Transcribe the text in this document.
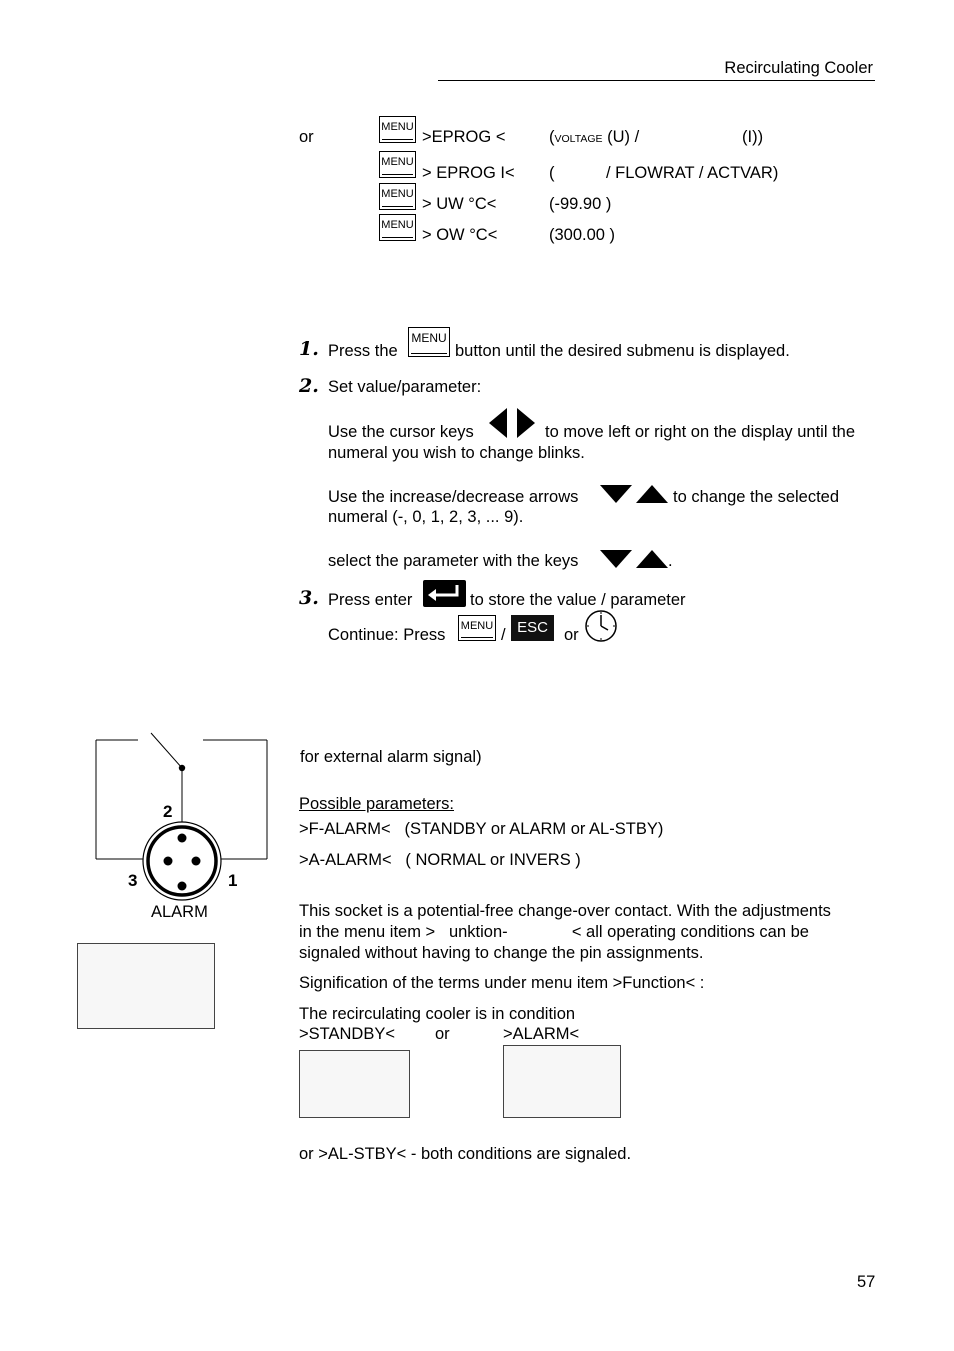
Recirculating Cooler
or
MENU
>EPROG <	(VOLTAGE (U) /	(I))
MENU
> EPROG I< (	/ FLOWRAT / ACTVAR)
MENU
> UW °C<	(-99.90 )
MENU
> OW °C<	(300.00 )
1. Press the
MENU
button until the desired submenu is displayed.
2. Set value/parameter:
Use the cursor keys	to move left or right on the display until the
numeral you wish to change blinks.
Use the increase/decrease arrows	to change the selected
numeral (-, 0, 1, 2, 3, ... 9).
select the parameter with the keys	.
3. Press enter	to store the value / parameter
Continue: Press MENU / ESC or
2
3	1
ALARM
for external alarm signal)
Possible parameters:
>F-ALARM<   (STANDBY or ALARM or AL-STBY)
>A-ALARM<   ( NORMAL or INVERS )
This socket is a potential-free change-over contact. With the adjustments
in the menu item >   unktion-              < all operating conditions can be
signaled without having to change the pin assignments.
Signification of the terms under menu item >Function< :
The recirculating cooler is in condition
>STANDBY< or	>ALARM<
or >AL-STBY< - both conditions are signaled.
57
